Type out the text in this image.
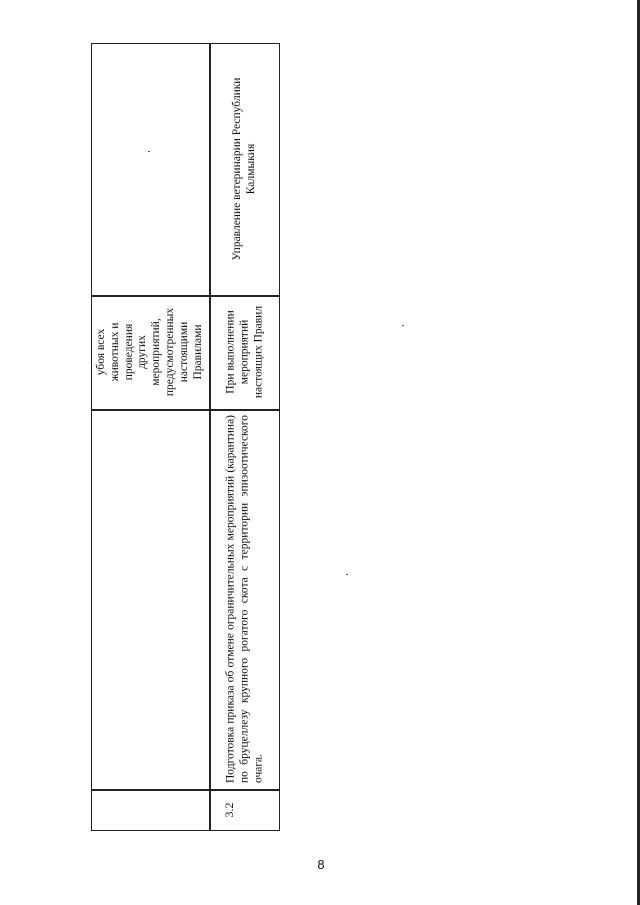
убоя всех животных и проведения других мероприятий, предусмотренных настоящими Правилами
3.2
Подготовка приказа об отмене ограничительных мероприятий (карантина) по бруцеллезу крупного рогатого скота с территории эпизоотического очага.
При выполнении мероприятий настоящих Правил
Управление ветеринарии Республики Калмыкия
8
